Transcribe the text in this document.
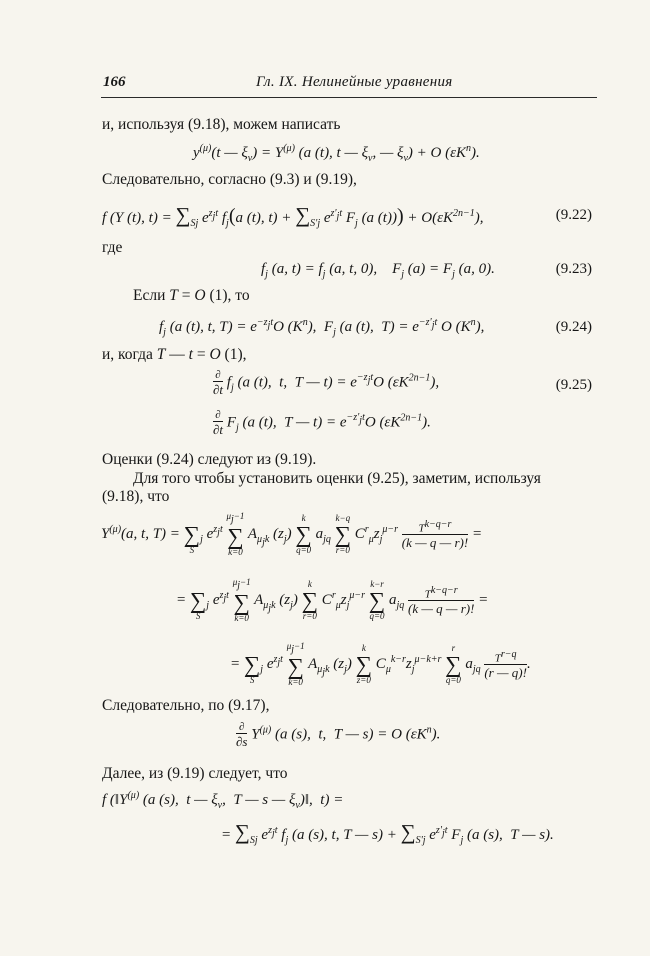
166	Гл. IX. Нелинейные уравнения
и, используя (9.18), можем написать
$y^{(\mu)}(t$ — $\xi_\nu) = Y^{(\mu)}$ (a (t), t — $\xi_\nu$, — $\xi_\nu) + O$ $(\varepsilon K^n)$.
Следовательно, согласно (9.3) и (9.19),
f (Y (t), $t) = \sum_{Sj}$ $e^{z_jt}$ $f_j(a$ (t), $t) + \sum_{S'j}$ $e^{z'_jt}$ $F_j$ (a $(t))) + O(\varepsilon K^{2n-1})$,	(9.22)
где
$f_j$ (a, $t) = f_j$ (a, t, 0),    $F_j$ $(a) = F_j$ (a, 0).	(9.23)
Если T = O (1), то
$f_j$ (a (t), t, $T) = e^{-z_jt}O$ $(K^n)$,  $F_j$ (a (t),  $T) = e^{-z'_jt}$ O $(K^n)$,	(9.24)
и, когда T — t = O (1),
$\frac{\partial}{\partial t} f_j$ (a (t),  t,  T — $t) = e^{-z_jt}O$ $(\varepsilon K^{2n-1})$,	(9.25)
$\frac{\partial}{\partial t} F_j$ (a (t),  T — $t) = e^{-z'_jt}O$ $(\varepsilon K^{2n-1})$.
Оценки (9.24) следуют из (9.19).
Для того чтобы установить оценки (9.25), заметим, используя
(9.18), что
$Y^{(\mu)}(a$, t, T) =
∑
S
$_j$ $e^{z_jt}$
$\mu_j-1$
∑
k=0
$A_{\mu_jk}$ $(z_j)$
k
∑
q=0
$a_{jq}$
k−q
∑
r=0
$C^r_\mu z_j^{\mu-r} \frac{T^{k-q-r}}{(k — q — r)!}$ =
=
∑
S
$_j$ $e^{z_jt}$
$\mu_j-1$
∑
k=0
$A_{\mu_jk}$ $(z_j)$
k
∑
r=0
$C^r_\mu z_j^{\mu-r}$
k−r
∑
q=0
$a_{jq} \frac{T^{k-q-r}}{(k — q — r)!}$ =
=
∑
S
$_j$ $e^{z_jt}$
$\mu_j-1$
∑
k=0
$A_{\mu_jk}$ $(z_j)$
k
∑
z=0
$C_\mu^{k-r}z_j^{\mu-k+r}$
r
∑
q=0
$a_{jq} \frac{T^{r-q}}{(r — q)!}$ .
Следовательно, по (9.17),
$\frac{\partial}{\partial s} Y^{(\mu)}$ (a (s),  t,  T — s) = O $(\varepsilon K^n)$.
Далее, из (9.19) следует, что
f ($‖Y^{(\mu)}$ (a (s),  t — $\xi_\nu$,  T — s — $\xi_\nu)‖$,  t) =
= $\sum_{Sj}$ $e^{z_jt}$ $f_j$ (a (s), t, T — $s) + \sum_{S'j}$ $e^{z'_jt}$ $F_j$ (a (s),  T — s).
